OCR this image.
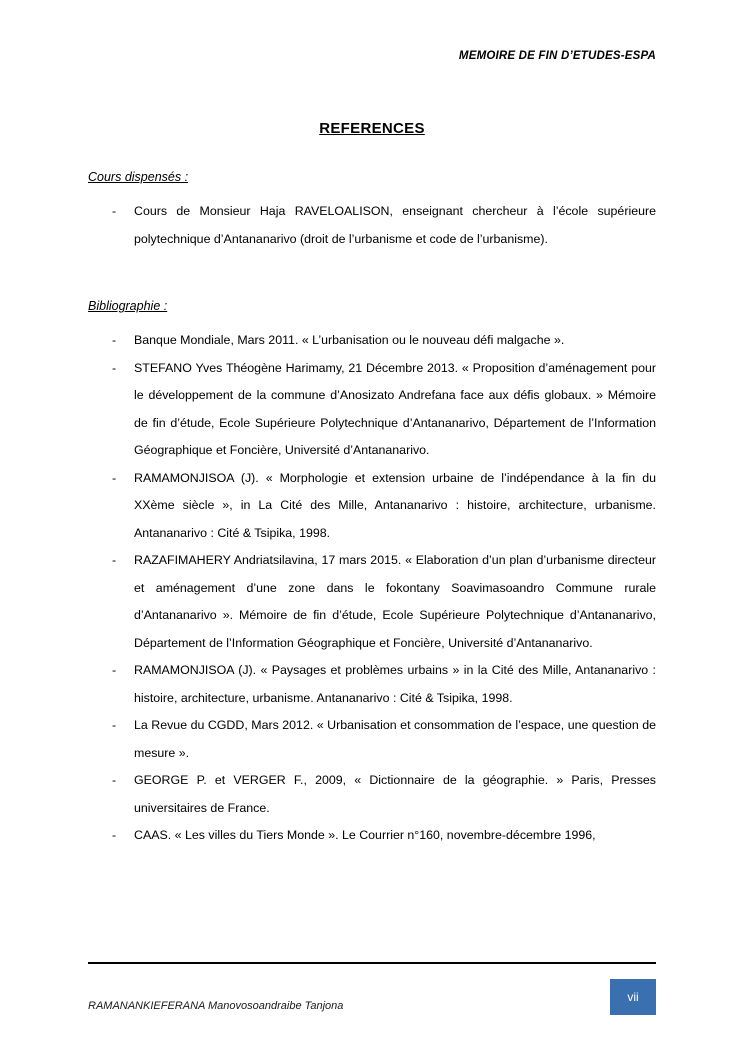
MEMOIRE DE FIN D’ETUDES-ESPA
REFERENCES
Cours dispensés :
- Cours de Monsieur Haja RAVELOALISON, enseignant chercheur à l’école supérieure polytechnique d’Antananarivo (droit de l’urbanisme et code de l’urbanisme).
Bibliographie :
- Banque Mondiale, Mars 2011. « L’urbanisation ou le nouveau défi malgache ».
- STEFANO Yves Théogène Harimamy, 21 Décembre 2013. « Proposition d’aménagement pour le développement de la commune d’Anosizato Andrefana face aux défis globaux. » Mémoire de fin d’étude, Ecole Supérieure Polytechnique d’Antananarivo, Département de l’Information Géographique et Foncière, Université d’Antananarivo.
- RAMAMONJISOA (J). « Morphologie et extension urbaine de l’indépendance à la fin du XXème siècle », in La Cité des Mille, Antananarivo : histoire, architecture, urbanisme. Antananarivo : Cité & Tsipika, 1998.
- RAZAFIMAHERY Andriatsilavina, 17 mars 2015. « Elaboration d’un plan d’urbanisme directeur et aménagement d’une zone dans le fokontany Soavimasoandro Commune rurale d’Antananarivo ». Mémoire de fin d’étude, Ecole Supérieure Polytechnique d’Antananarivo, Département de l’Information Géographique et Foncière, Université d’Antananarivo.
- RAMAMONJISOA (J). « Paysages et problèmes urbains » in la Cité des Mille, Antananarivo : histoire, architecture, urbanisme. Antananarivo : Cité & Tsipika, 1998.
- La Revue du CGDD, Mars 2012. « Urbanisation et consommation de l’espace, une question de mesure ».
- GEORGE P. et VERGER F., 2009, « Dictionnaire de la géographie. » Paris, Presses universitaires de France.
- CAAS. « Les villes du Tiers Monde ». Le Courrier n°160, novembre-décembre 1996,
RAMANANKIEFERANA Manovosoandraibe Tanjona
vii
